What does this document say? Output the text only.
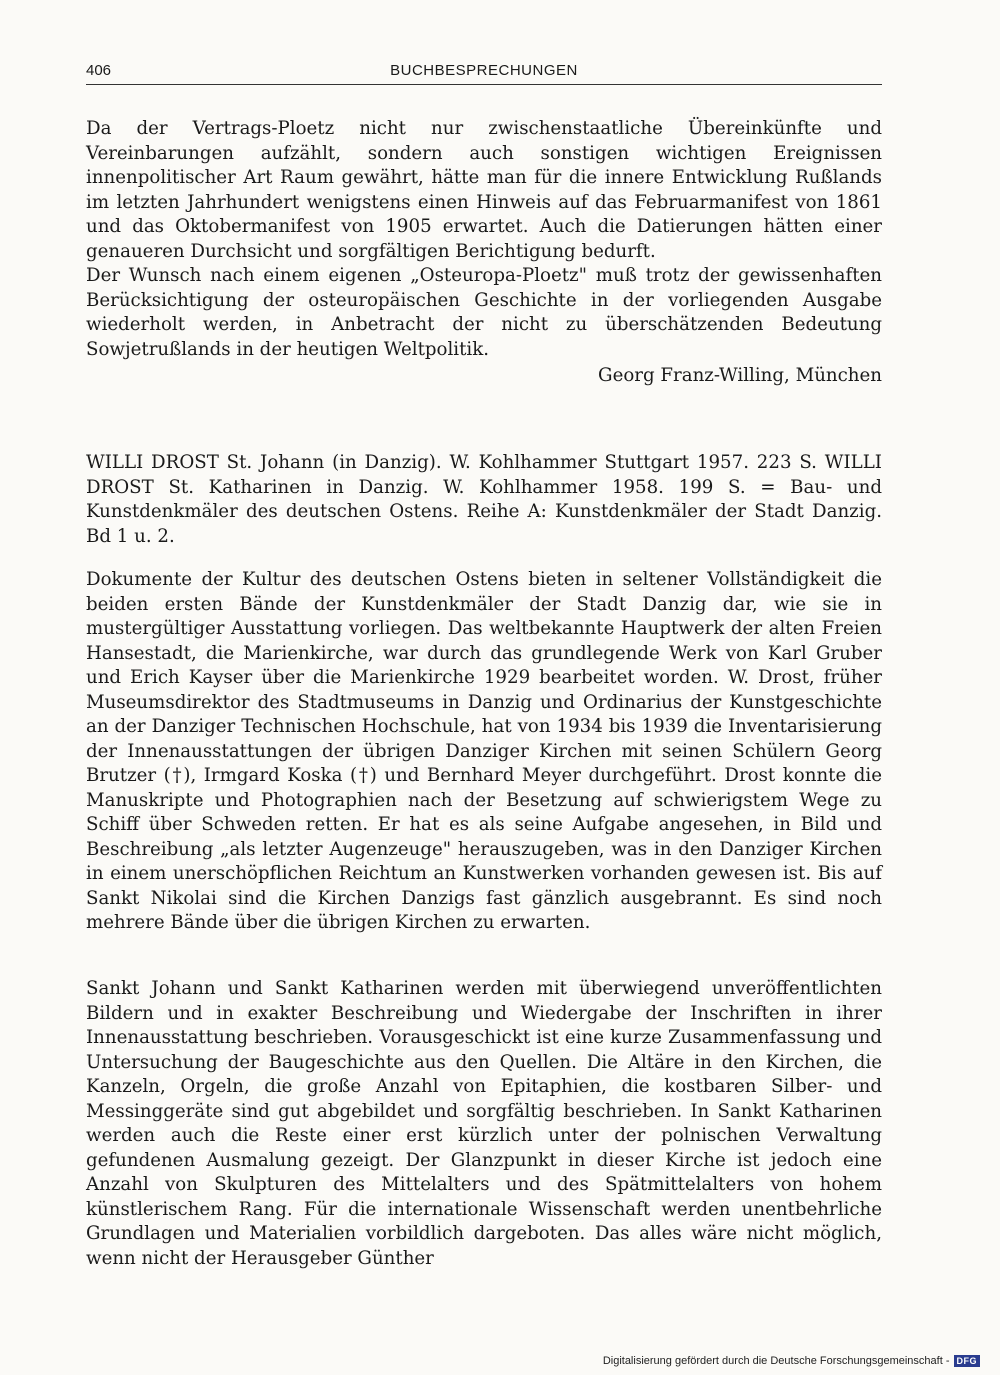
406	BUCHBESPRECHUNGEN

Da der Vertrags-Ploetz nicht nur zwischenstaatliche Übereinkünfte und Vereinbarungen aufzählt, sondern auch sonstigen wichtigen Ereignissen innenpolitischer Art Raum gewährt, hätte man für die innere Entwicklung Rußlands im letzten Jahrhundert wenigstens einen Hinweis auf das Februarmanifest von 1861 und das Oktobermanifest von 1905 erwartet. Auch die Datierungen hätten einer genaueren Durchsicht und sorgfältigen Berichtigung bedurft.

Der Wunsch nach einem eigenen „Osteuropa-Ploetz" muß trotz der gewissenhaften Berücksichtigung der osteuropäischen Geschichte in der vorliegenden Ausgabe wiederholt werden, in Anbetracht der nicht zu überschätzenden Bedeutung Sowjetrußlands in der heutigen Weltpolitik.

Georg Franz-Willing, München

WILLI DROST St. Johann (in Danzig). W. Kohlhammer Stuttgart 1957. 223 S. WILLI DROST St. Katharinen in Danzig. W. Kohlhammer 1958. 199 S. = Bau- und Kunstdenkmäler des deutschen Ostens. Reihe A: Kunstdenkmäler der Stadt Danzig. Bd 1 u. 2.

Dokumente der Kultur des deutschen Ostens bieten in seltener Vollständigkeit die beiden ersten Bände der Kunstdenkmäler der Stadt Danzig dar, wie sie in mustergültiger Ausstattung vorliegen. Das weltbekannte Hauptwerk der alten Freien Hansestadt, die Marienkirche, war durch das grundlegende Werk von Karl Gruber und Erich Kayser über die Marienkirche 1929 bearbeitet worden. W. Drost, früher Museumsdirektor des Stadtmuseums in Danzig und Ordinarius der Kunstgeschichte an der Danziger Technischen Hochschule, hat von 1934 bis 1939 die Inventarisierung der Innenausstattungen der übrigen Danziger Kirchen mit seinen Schülern Georg Brutzer (†), Irmgard Koska (†) und Bernhard Meyer durchgeführt. Drost konnte die Manuskripte und Photographien nach der Besetzung auf schwierigstem Wege zu Schiff über Schweden retten. Er hat es als seine Aufgabe angesehen, in Bild und Beschreibung „als letzter Augenzeuge" herauszugeben, was in den Danziger Kirchen in einem unerschöpflichen Reichtum an Kunstwerken vorhanden gewesen ist. Bis auf Sankt Nikolai sind die Kirchen Danzigs fast gänzlich ausgebrannt. Es sind noch mehrere Bände über die übrigen Kirchen zu erwarten.

Sankt Johann und Sankt Katharinen werden mit überwiegend unveröffentlichten Bildern und in exakter Beschreibung und Wiedergabe der Inschriften in ihrer Innenausstattung beschrieben. Vorausgeschickt ist eine kurze Zusammenfassung und Untersuchung der Baugeschichte aus den Quellen. Die Altäre in den Kirchen, die Kanzeln, Orgeln, die große Anzahl von Epitaphien, die kostbaren Silber- und Messinggeräte sind gut abgebildet und sorgfältig beschrieben. In Sankt Katharinen werden auch die Reste einer erst kürzlich unter der polnischen Verwaltung gefundenen Ausmalung gezeigt. Der Glanzpunkt in dieser Kirche ist jedoch eine Anzahl von Skulpturen des Mittelalters und des Spätmittelalters von hohem künstlerischem Rang. Für die internationale Wissenschaft werden unentbehrliche Grundlagen und Materialien vorbildlich dargeboten. Das alles wäre nicht möglich, wenn nicht der Herausgeber Günther

Digitalisierung gefördert durch die Deutsche Forschungsgemeinschaft - DFG
